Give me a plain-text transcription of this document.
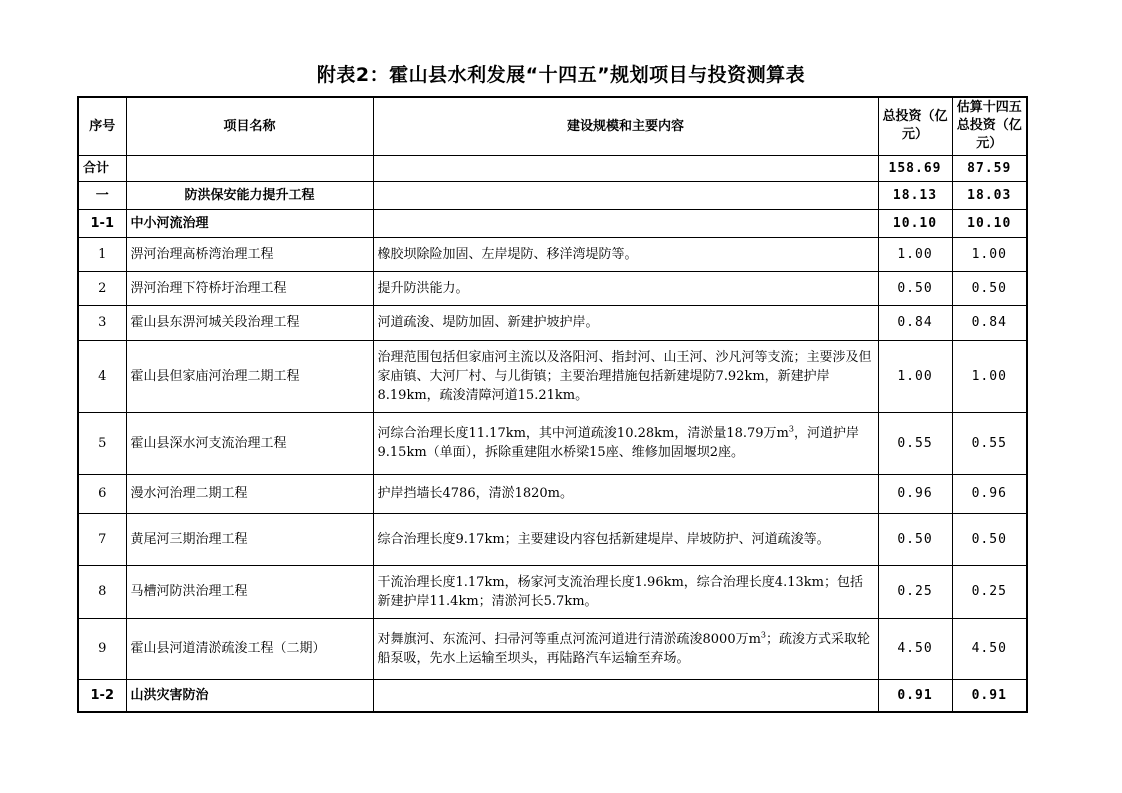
附表2：霍山县水利发展“十四五”规划项目与投资测算表
序号	项目名称	建设规模和主要内容	总投资（亿元）	估算十四五总投资（亿元）
合计			158.69	87.59
一	防洪保安能力提升工程		18.13	18.03
1-1	中小河流治理		10.10	10.10
1	淠河治理高桥湾治理工程	橡胶坝除险加固、左岸堤防、移洋湾堤防等。	1.00	1.00
2	淠河治理下符桥圩治理工程	提升防洪能力。	0.50	0.50
3	霍山县东淠河城关段治理工程	河道疏浚、堤防加固、新建护坡护岸。	0.84	0.84
4	霍山县但家庙河治理二期工程	治理范围包括但家庙河主流以及洛阳河、指封河、山王河、沙凡河等支流；主要涉及但家庙镇、大河厂村、与儿街镇；主要治理措施包括新建堤防7.92km，新建护岸8.19km，疏浚清障河道15.21km。	1.00	1.00
5	霍山县深水河支流治理工程	河综合治理长度11.17km，其中河道疏浚10.28km，清淤量18.79万$m^3$，河道护岸9.15km（单面），拆除重建阻水桥梁15座、维修加固堰坝2座。	0.55	0.55
6	漫水河治理二期工程	护岸挡墙长4786，清淤1820m。	0.96	0.96
7	黄尾河三期治理工程	综合治理长度9.17km；主要建设内容包括新建堤岸、岸坡防护、河道疏浚等。	0.50	0.50
8	马槽河防洪治理工程	干流治理长度1.17km，杨家河支流治理长度1.96km，综合治理长度4.13km；包括新建护岸11.4km；清淤河长5.7km。	0.25	0.25
9	霍山县河道清淤疏浚工程（二期）	对舞旗河、东流河、扫帚河等重点河流河道进行清淤疏浚8000万$m^3$；疏浚方式采取轮船泵吸，先水上运输至坝头，再陆路汽车运输至弃场。	4.50	4.50
1-2	山洪灾害防治		0.91	0.91
